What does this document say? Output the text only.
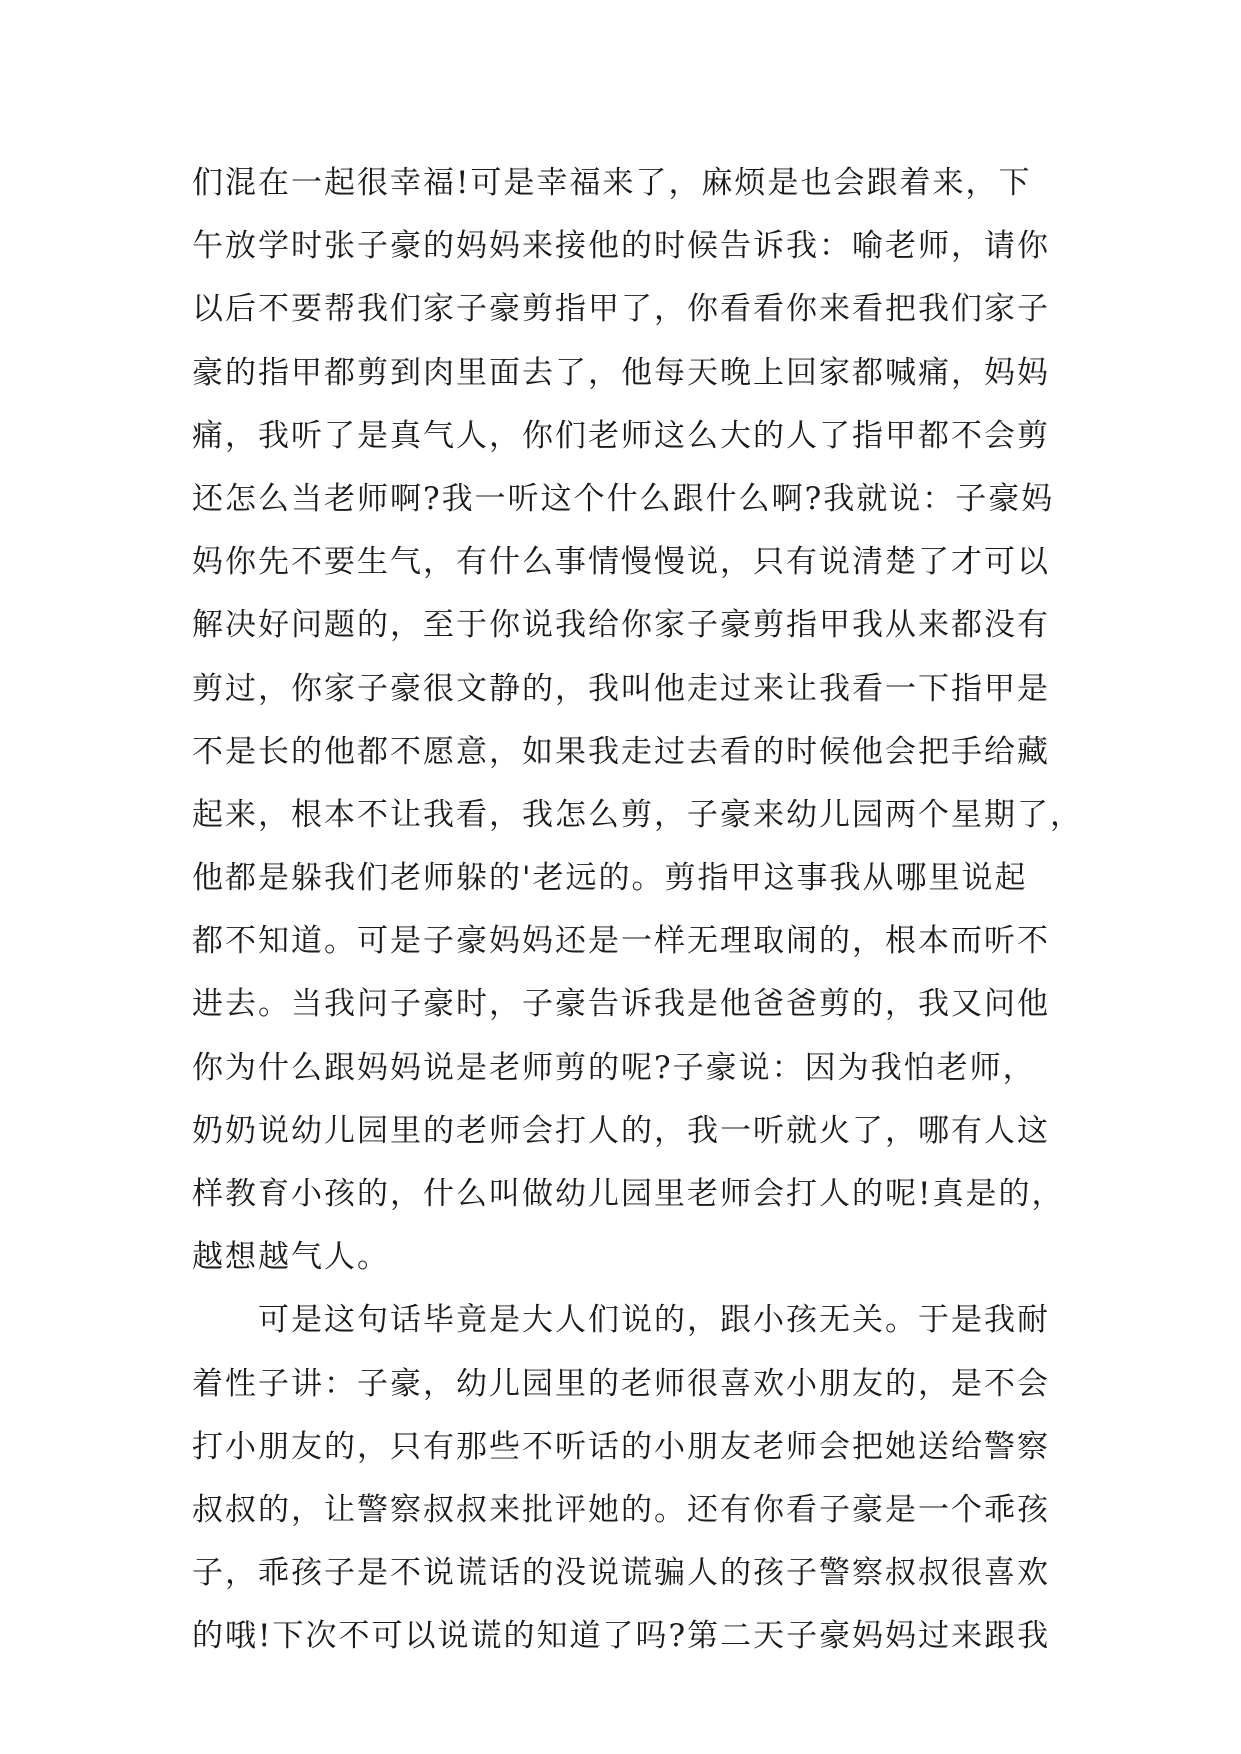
们混在一起很幸福!可是幸福来了，麻烦是也会跟着来，下
午放学时张子豪的妈妈来接他的时候告诉我：喻老师，请你
以后不要帮我们家子豪剪指甲了，你看看你来看把我们家子
豪的指甲都剪到肉里面去了，他每天晚上回家都喊痛，妈妈
痛，我听了是真气人，你们老师这么大的人了指甲都不会剪
还怎么当老师啊?我一听这个什么跟什么啊?我就说：子豪妈
妈你先不要生气，有什么事情慢慢说，只有说清楚了才可以
解决好问题的，至于你说我给你家子豪剪指甲我从来都没有
剪过，你家子豪很文静的，我叫他走过来让我看一下指甲是
不是长的他都不愿意，如果我走过去看的时候他会把手给藏
起来，根本不让我看，我怎么剪，子豪来幼儿园两个星期了，
他都是躲我们老师躲的'老远的。剪指甲这事我从哪里说起
都不知道。可是子豪妈妈还是一样无理取闹的，根本而听不
进去。当我问子豪时，子豪告诉我是他爸爸剪的，我又问他
你为什么跟妈妈说是老师剪的呢?子豪说：因为我怕老师，
奶奶说幼儿园里的老师会打人的，我一听就火了，哪有人这
样教育小孩的，什么叫做幼儿园里老师会打人的呢!真是的，
越想越气人。
可是这句话毕竟是大人们说的，跟小孩无关。于是我耐
着性子讲：子豪，幼儿园里的老师很喜欢小朋友的，是不会
打小朋友的，只有那些不听话的小朋友老师会把她送给警察
叔叔的，让警察叔叔来批评她的。还有你看子豪是一个乖孩
子，乖孩子是不说谎话的没说谎骗人的孩子警察叔叔很喜欢
的哦!下次不可以说谎的知道了吗?第二天子豪妈妈过来跟我
